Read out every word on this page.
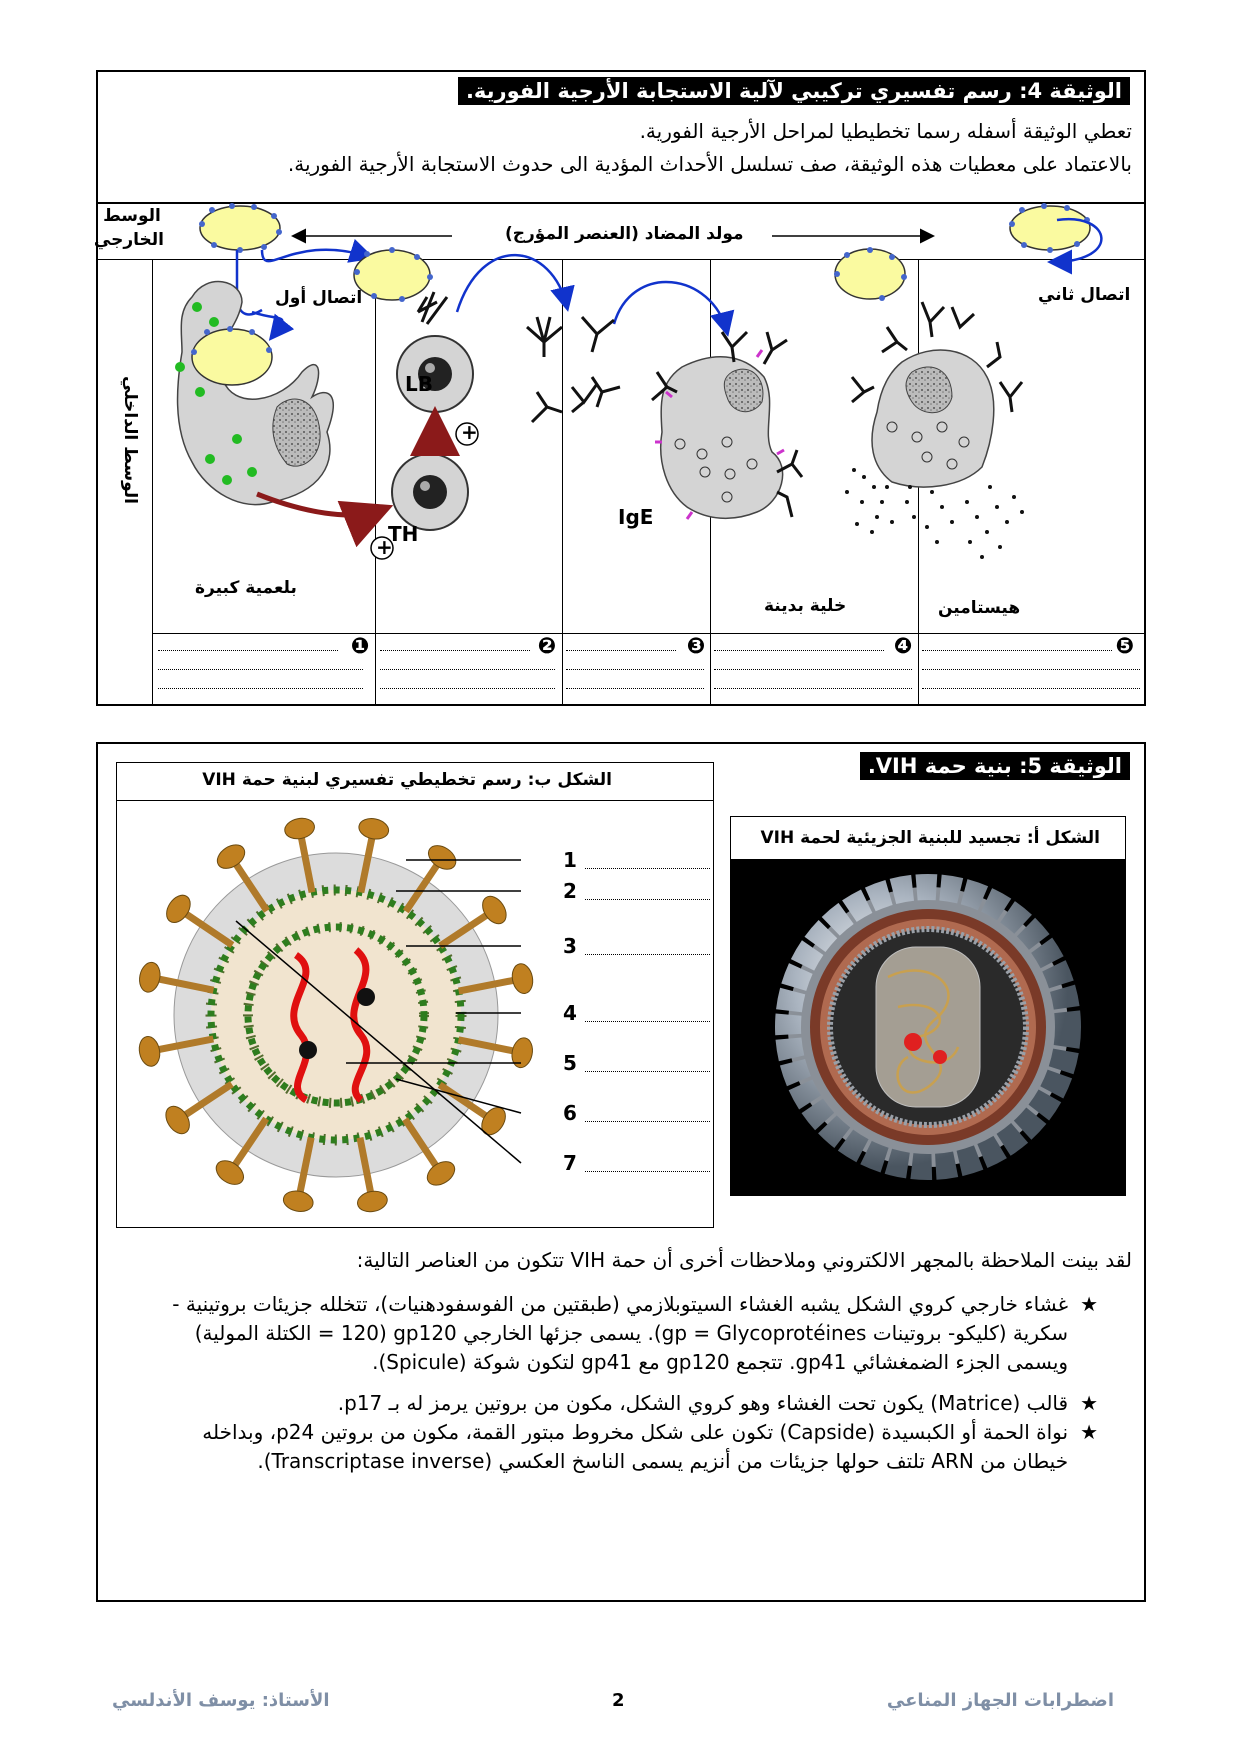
الوثيقة 4: رسم تفسيري تركيبي لآلية الاستجابة الأرجية الفورية.
تعطي الوثيقة أسفله رسما تخطيطيا لمراحل الأرجية الفورية.
بالاعتماد على معطيات هذه الوثيقة، صف تسلسل الأحداث المؤدية الى حدوث الاستجابة الأرجية الفورية.
الوسط الخارجي
الوسط الداخلي
مولد المضاد (العنصر المؤرج)
اتصال أول	اتصال ثاني
LB
TH
+
+
IgE
بلعمية كبيرة
خلية بدينة	هيستامين
❶	❷	❸	❹	❺
الوثيقة 5: بنية حمة VIH.
الشكل ب: رسم تخطيطي تفسيري لبنية حمة VIH
1
2
3
4
5
6
7
الشكل أ: تجسيد للبنية الجزيئية لحمة VIH
لقد بينت الملاحظة بالمجهر الالكتروني وملاحظات أخرى أن حمة VIH تتكون من العناصر التالية:
★
غشاء خارجي كروي الشكل يشبه الغشاء السيتوبلازمي (طبقتين من الفوسفودهنيات)، تتخلله جزيئات بروتينية - سكرية (كليكو- بروتينات gp = Glycoprotéines). يسمى جزئها الخارجي gp120 (120 = الكتلة المولية) ويسمى الجزء الضمغشائي gp41. تتجمع gp120 مع gp41 لتكون شوكة (Spicule).
★
قالب (Matrice) يكون تحت الغشاء وهو كروي الشكل، مكون من بروتين يرمز له بـ p17.
★
نواة الحمة أو الكبسيدة (Capside) تكون على شكل مخروط مبتور القمة، مكون من بروتين p24، وبداخله خيطان من ARN تلتف حولها جزيئات من أنزيم يسمى الناسخ العكسي (Transcriptase inverse).
اضطرابات الجهاز المناعي
2
الأستاذ: يوسف الأندلسي
